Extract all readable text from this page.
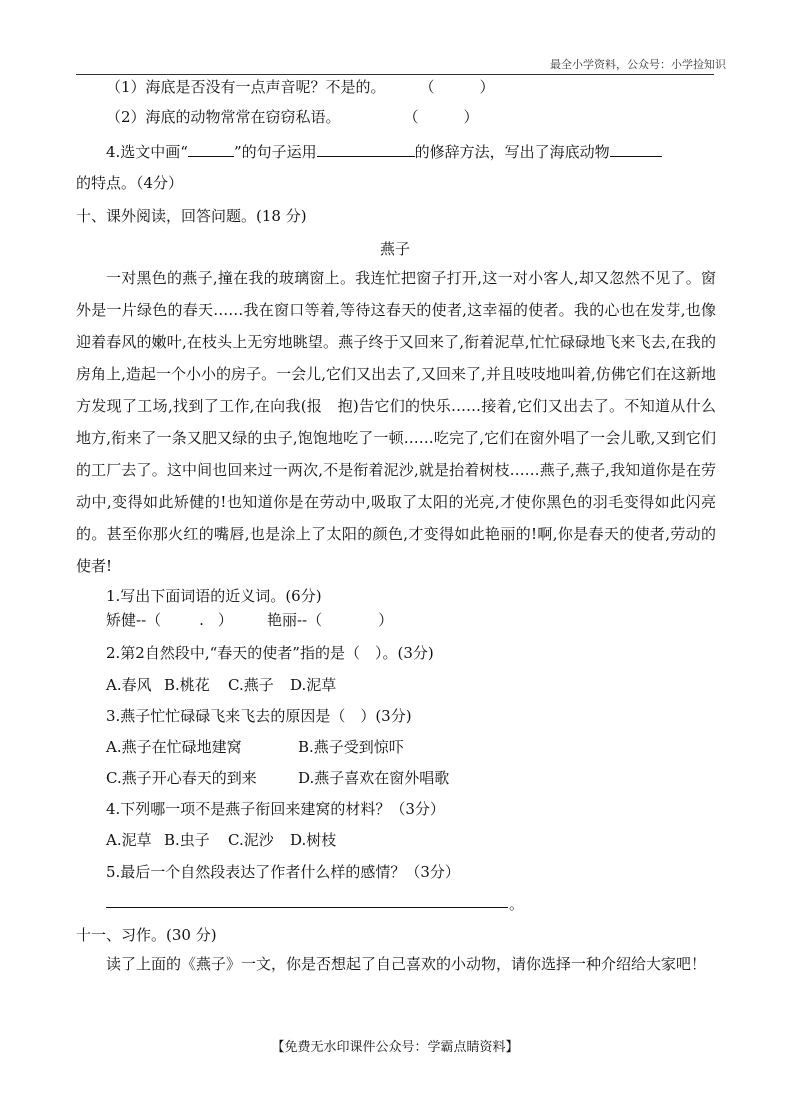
最全小学资料，公众号：小学捡知识
（1）海底是否没有一点声音呢？不是的。 （　　　）
（2）海底的动物常常在窃窃私语。	（　　　）
4.选文中画“	”的句子运用	的修辞方法，写出了海底动物
的特点。（4分）
十、课外阅读，回答问题。(18 分)
燕子
一对黑色的燕子,撞在我的玻璃窗上。我连忙把窗子打开,这一对小客人,却又忽然不见了。窗外是一片绿色的春天……我在窗口等着,等待这春天的使者,这幸福的使者。我的心也在发芽,也像迎着春风的嫩叶,在枝头上无穷地眺望。燕子终于又回来了,衔着泥草,忙忙碌碌地飞来飞去,在我的房角上,造起一个小小的房子。一会儿,它们又出去了,又回来了,并且吱吱地叫着,仿佛它们在这新地方发现了工场,找到了工作,在向我(报　抱)告它们的快乐……接着,它们又出去了。不知道从什么地方,衔来了一条又肥又绿的虫子,饱饱地吃了一顿……吃完了,它们在窗外唱了一会儿歌,又到它们的工厂去了。这中间也回来过一两次,不是衔着泥沙,就是抬着树枝……燕子,燕子,我知道你是在劳动中,变得如此矫健的!也知道你是在劳动中,吸取了太阳的光亮,才使你黑色的羽毛变得如此闪亮的。甚至你那火红的嘴唇,也是涂上了太阳的颜色,才变得如此艳丽的!啊,你是春天的使者,劳动的使者!
1.写出下面词语的近义词。(6分)
矫健--（	. ） 艳丽--（	）
2.第2自然段中,“春天的使者”指的是（　）。(3分)
A.春风 B.桃花 C.燕子 D.泥草
3.燕子忙忙碌碌飞来飞去的原因是（　）(3分)
A.燕子在忙碌地建窝	B.燕子受到惊吓
C.燕子开心春天的到来	D.燕子喜欢在窗外唱歌
4.下列哪一项不是燕子衔回来建窝的材料？（3分）
A.泥草 B.虫子 C.泥沙 D.树枝
5.最后一个自然段表达了作者什么样的感情？（3分）
。
十一、习作。(30 分)
读了上面的《燕子》一文，你是否想起了自己喜欢的小动物，请你选择一种介绍给大家吧！
【免费无水印课件公众号：学霸点睛资料】
